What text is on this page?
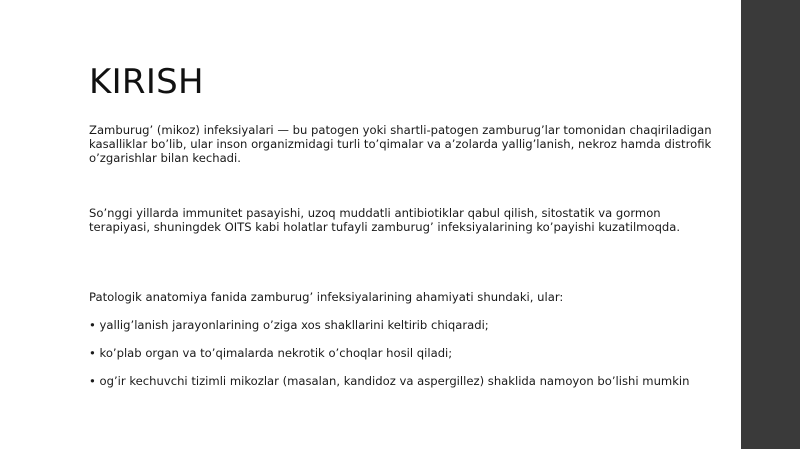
KIRISH

Zamburug’ (mikoz) infeksiyalari — bu patogen yoki shartli-patogen zamburug’lar tomonidan chaqiriladigan kasalliklar bo’lib, ular inson organizmidagi turli to’qimalar va a’zolarda yallig’lanish, nekroz hamda distrofik o’zgarishlar bilan kechadi.

So’nggi yillarda immunitet pasayishi, uzoq muddatli antibiotiklar qabul qilish, sitostatik va gormon terapiyasi, shuningdek OITS kabi holatlar tufayli zamburug’ infeksiyalarining ko’payishi kuzatilmoqda.

Patologik anatomiya fanida zamburug’ infeksiyalarining ahamiyati shundaki, ular:

• yallig’lanish jarayonlarining o’ziga xos shakllarini keltirib chiqaradi;

• ko’plab organ va to’qimalarda nekrotik o’choqlar hosil qiladi;

• og’ir kechuvchi tizimli mikozlar (masalan, kandidoz va aspergillez) shaklida namoyon bo’lishi mumkin
